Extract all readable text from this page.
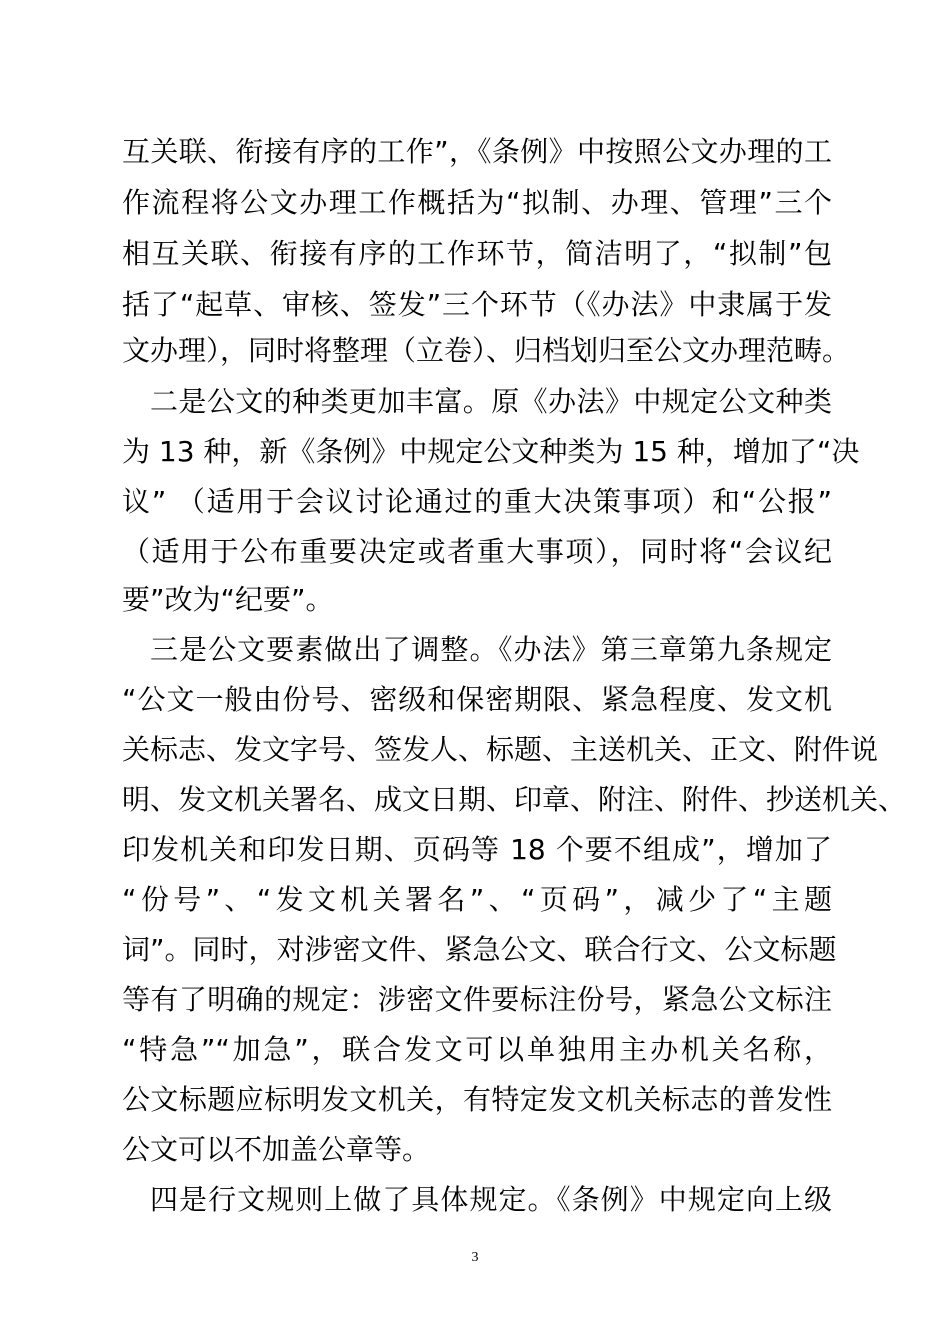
互关联、衔接有序的工作”，《条例》中按照公文办理的工
作流程将公文办理工作概括为“拟制、办理、管理”三个
相互关联、衔接有序的工作环节，简洁明了，“拟制”包
括了“起草、审核、签发”三个环节（《办法》中隶属于发
文办理），同时将整理（立卷）、归档划归至公文办理范畴。
二是公文的种类更加丰富。原《办法》中规定公文种类
为 13 种，新《条例》中规定公文种类为 15 种，增加了“决
议” （适用于会议讨论通过的重大决策事项）和“公报”
（适用于公布重要决定或者重大事项），同时将“会议纪
要”改为“纪要”。
三是公文要素做出了调整。《办法》第三章第九条规定
“公文一般由份号、密级和保密期限、紧急程度、发文机
关标志、发文字号、签发人、标题、主送机关、正文、附件说
明、发文机关署名、成文日期、印章、附注、附件、抄送机关、
印发机关和印发日期、页码等 18 个要不组成”，增加了
“份号”、“发文机关署名”、“页码”，减少了“主题
词”。同时，对涉密文件、紧急公文、联合行文、公文标题
等有了明确的规定：涉密文件要标注份号，紧急公文标注
“特急”“加急”，联合发文可以单独用主办机关名称，
公文标题应标明发文机关，有特定发文机关标志的普发性
公文可以不加盖公章等。
四是行文规则上做了具体规定。《条例》中规定向上级
3
